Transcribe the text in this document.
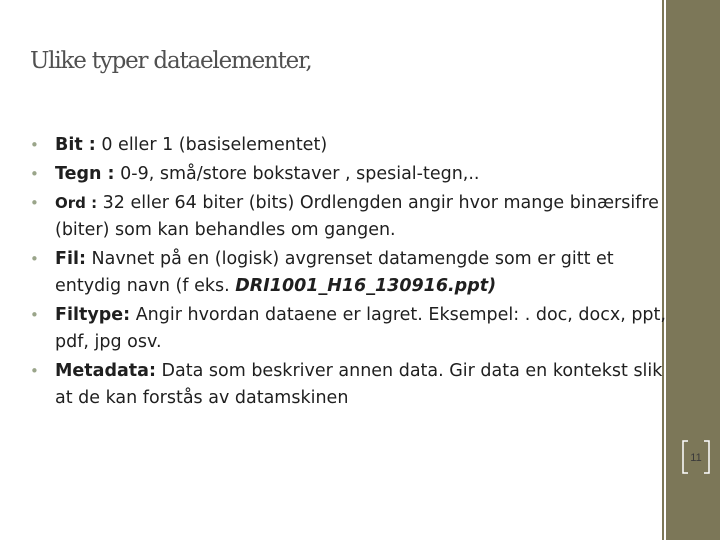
Ulike typer dataelementer,
• Bit : 0 eller 1 (basiselementet)
• Tegn : 0-9, små/store bokstaver , spesial-tegn,..
• Ord : 32 eller 64 biter (bits) Ordlengden angir hvor mange binærsifre (biter) som kan behandles om gangen.
• Fil: Navnet på en (logisk) avgrenset datamengde som er gitt et entydig navn (f eks. DRI1001_H16_130916.ppt)
• Filtype: Angir hvordan dataene er lagret. Eksempel: . doc, docx, ppt, pdf, jpg osv.
• Metadata: Data som beskriver annen data. Gir data en kontekst slik at de kan forstås av datamskinen
11
